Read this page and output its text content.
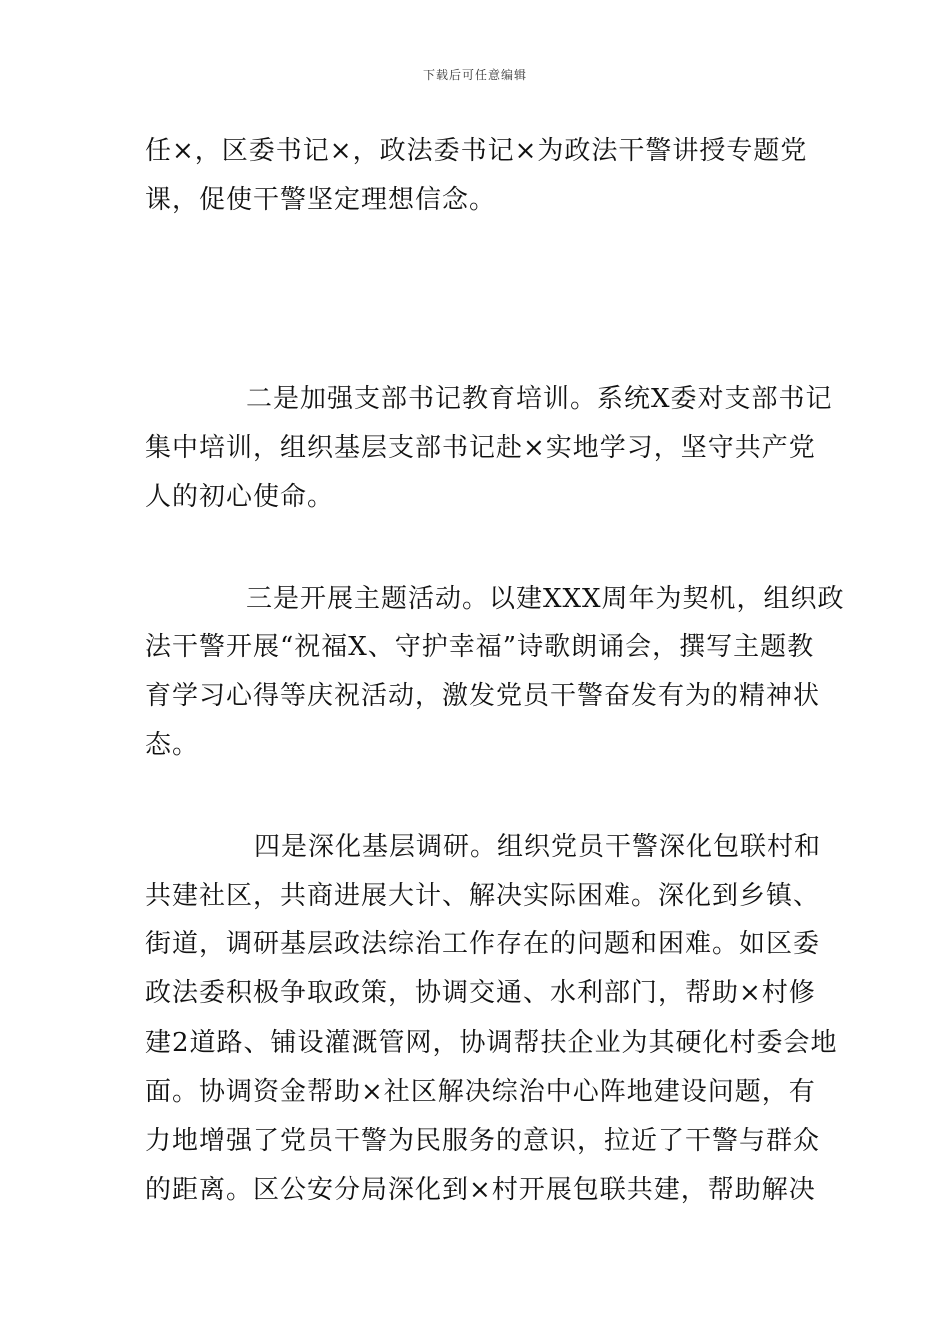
下载后可任意编辑
任×，区委书记×，政法委书记×为政法干警讲授专题党
课，促使干警坚定理想信念。
二是加强支部书记教育培训。系统X委对支部书记
集中培训，组织基层支部书记赴×实地学习，坚守共产党
人的初心使命。
三是开展主题活动。以建XXX周年为契机，组织政
法干警开展“祝福X、守护幸福”诗歌朗诵会，撰写主题教
育学习心得等庆祝活动，激发党员干警奋发有为的精神状
态。
四是深化基层调研。组织党员干警深化包联村和
共建社区，共商进展大计、解决实际困难。深化到乡镇、
街道，调研基层政法综治工作存在的问题和困难。如区委
政法委积极争取政策，协调交通、水利部门，帮助×村修
建2道路、铺设灌溉管网，协调帮扶企业为其硬化村委会地
面。协调资金帮助×社区解决综治中心阵地建设问题，有
力地增强了党员干警为民服务的意识，拉近了干警与群众
的距离。区公安分局深化到×村开展包联共建，帮助解决
